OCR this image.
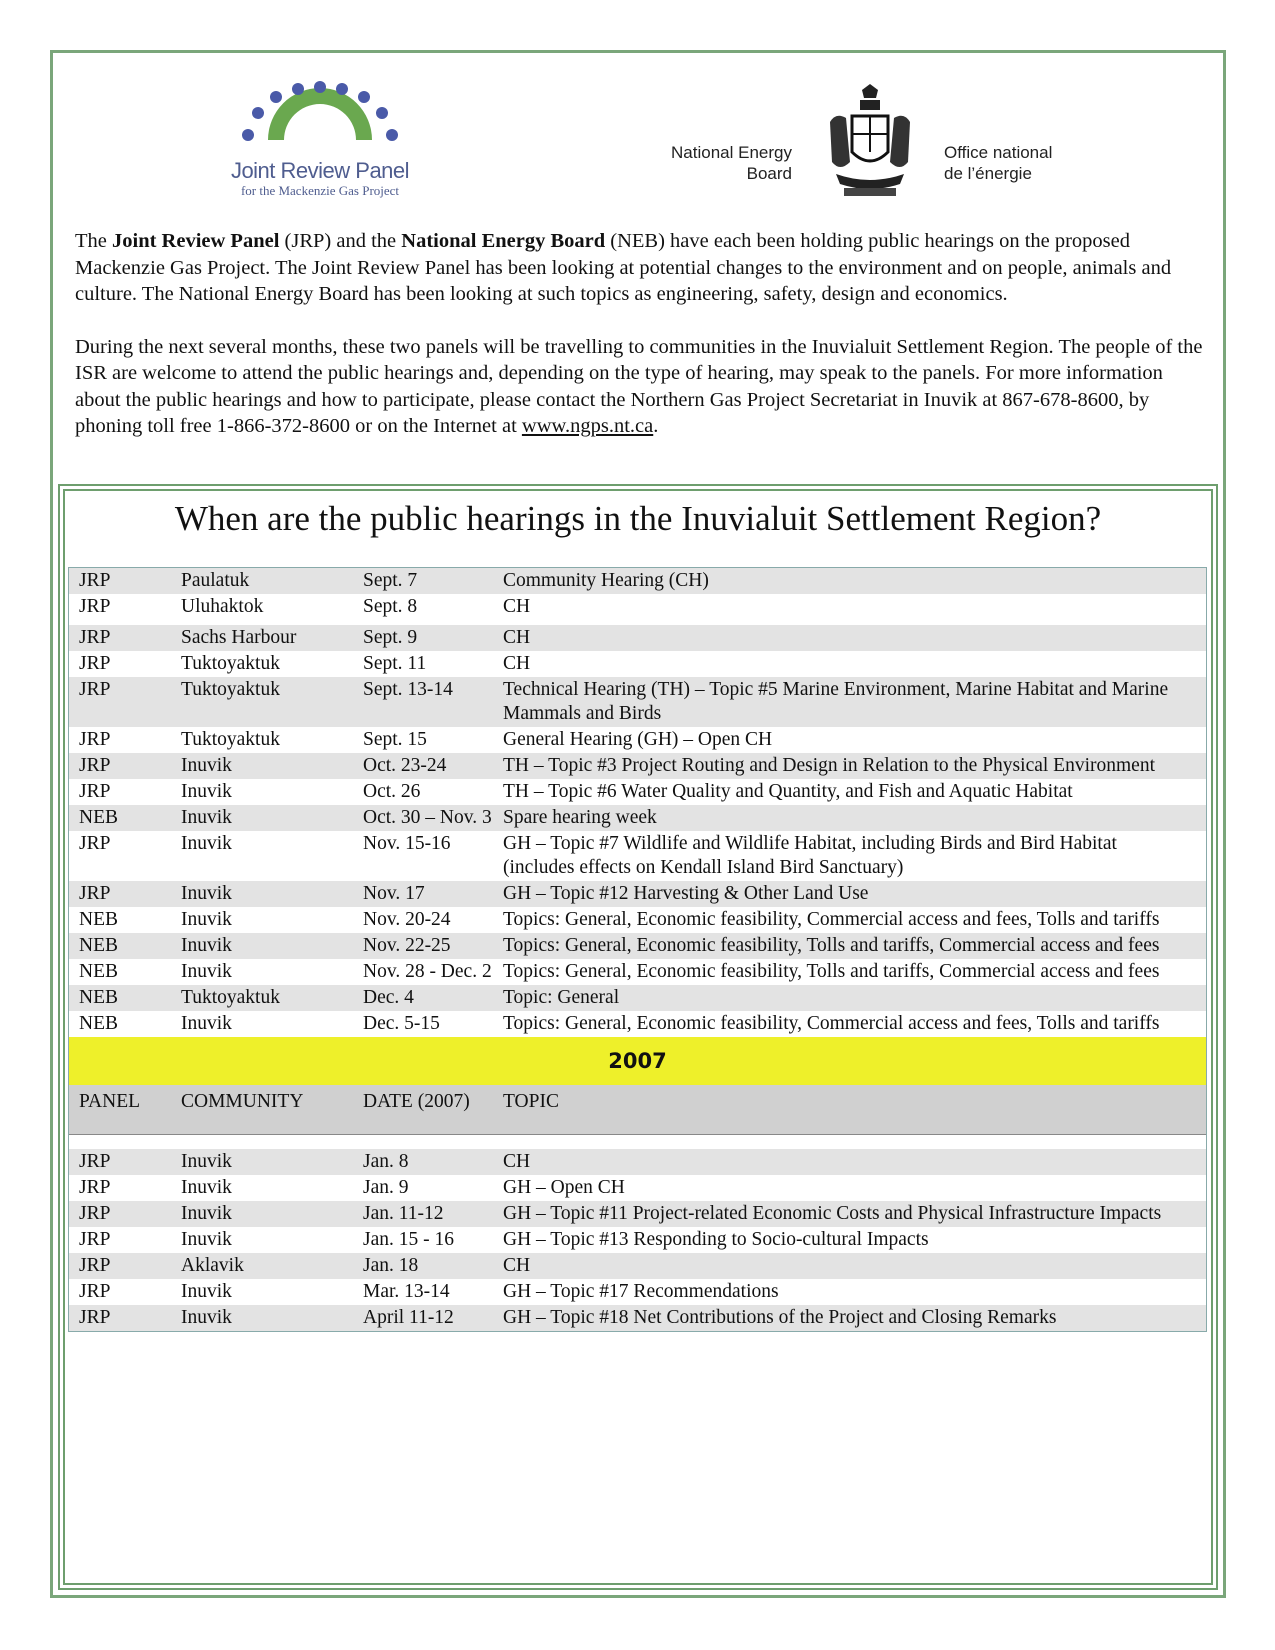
Joint Review Panel
for the Mackenzie Gas Project
National Energy
Board
Office national
de l’énergie

The Joint Review Panel (JRP) and the National Energy Board (NEB) have each been holding public hearings on the proposed Mackenzie Gas Project. The Joint Review Panel has been looking at potential changes to the environment and on people, animals and culture. The National Energy Board has been looking at such topics as engineering, safety, design and economics.

During the next several months, these two panels will be travelling to communities in the Inuvialuit Settlement Region. The people of the ISR are welcome to attend the public hearings and, depending on the type of hearing, may speak to the panels. For more information about the public hearings and how to participate, please contact the Northern Gas Project Secretariat in Inuvik at 867-678-8600, by phoning toll free 1-866-372-8600 or on the Internet at www.ngps.nt.ca.

When are the public hearings in the Inuvialuit Settlement Region?
JRP	Paulatuk	Sept. 7	Community Hearing (CH)
JRP	Uluhaktok	Sept. 8	CH
JRP	Sachs Harbour	Sept. 9	CH
JRP	Tuktoyaktuk	Sept. 11	CH
JRP	Tuktoyaktuk	Sept. 13-14	Technical Hearing (TH) – Topic #5 Marine Environment, Marine Habitat and Marine Mammals and Birds
JRP	Tuktoyaktuk	Sept. 15	General Hearing (GH) – Open CH
JRP	Inuvik	Oct. 23-24	TH – Topic #3 Project Routing and Design in Relation to the Physical Environment
JRP	Inuvik	Oct. 26	TH – Topic #6 Water Quality and Quantity, and Fish and Aquatic Habitat
NEB	Inuvik	Oct. 30 – Nov. 3 Spare hearing week
JRP	Inuvik	Nov. 15-16	GH – Topic #7 Wildlife and Wildlife Habitat, including Birds and Bird Habitat (includes effects on Kendall Island Bird Sanctuary)
JRP	Inuvik	Nov. 17	GH – Topic #12 Harvesting & Other Land Use
NEB	Inuvik	Nov. 20-24	Topics: General, Economic feasibility, Commercial access and fees, Tolls and tariffs
NEB	Inuvik	Nov. 22-25	Topics: General, Economic feasibility, Tolls and tariffs, Commercial access and fees
NEB	Inuvik	Nov. 28 - Dec. 2 Topics: General, Economic feasibility, Tolls and tariffs, Commercial access and fees
NEB	Tuktoyaktuk	Dec. 4	Topic: General
NEB	Inuvik	Dec. 5-15	Topics: General, Economic feasibility, Commercial access and fees, Tolls and tariffs
2007
PANEL	COMMUNITY	DATE (2007)	TOPIC
JRP	Inuvik	Jan. 8	CH
JRP	Inuvik	Jan. 9	GH – Open CH
JRP	Inuvik	Jan. 11-12	GH – Topic #11 Project-related Economic Costs and Physical Infrastructure Impacts
JRP	Inuvik	Jan. 15 - 16	GH – Topic #13 Responding to Socio-cultural Impacts
JRP	Aklavik	Jan. 18	CH
JRP	Inuvik	Mar. 13-14	GH – Topic #17 Recommendations
JRP	Inuvik	April 11-12	GH – Topic #18 Net Contributions of the Project and Closing Remarks
